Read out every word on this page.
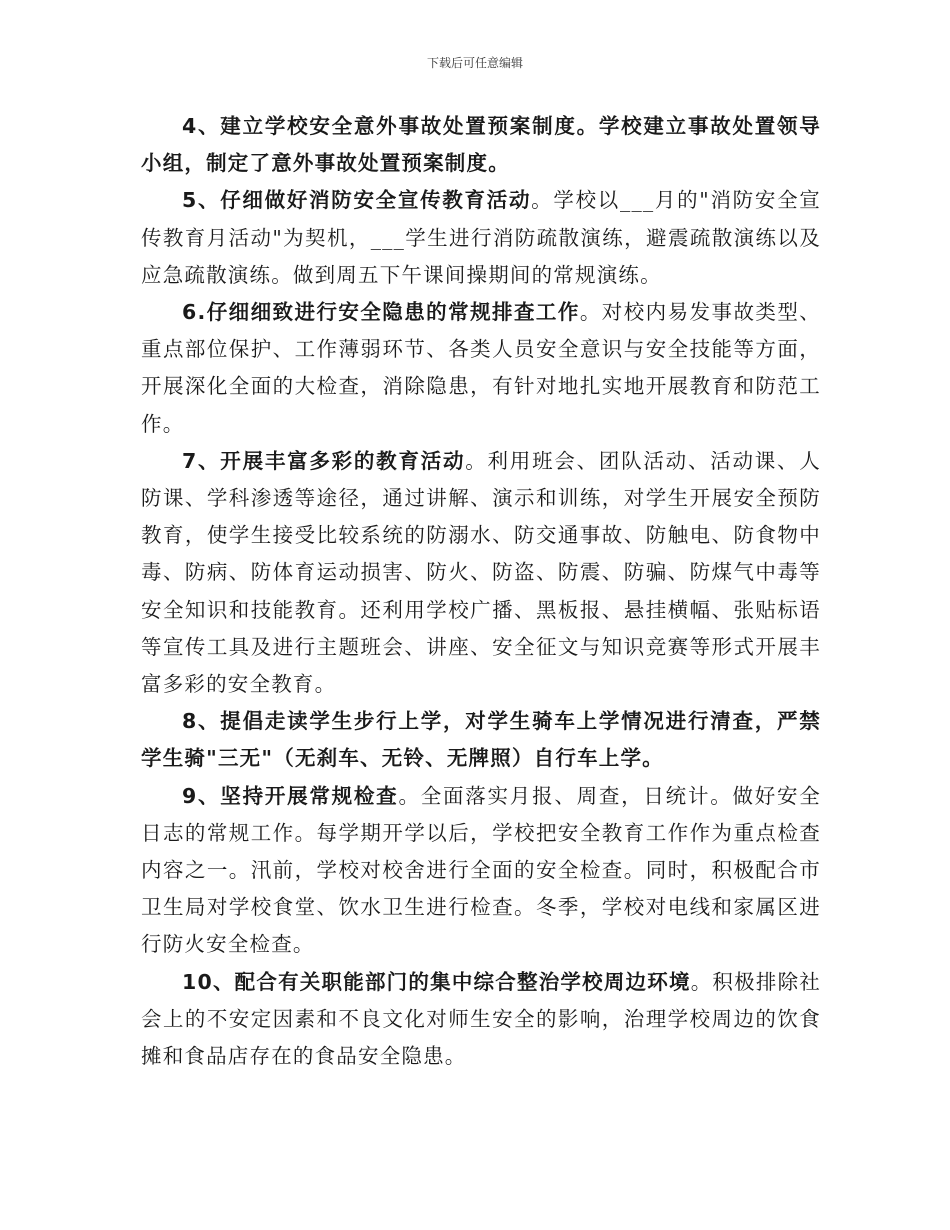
下载后可任意编辑

4、建立学校安全意外事故处置预案制度。学校建立事故处置领导小组，制定了意外事故处置预案制度。

5、仔细做好消防安全宣传教育活动。学校以___月的"消防安全宣传教育月活动"为契机，___学生进行消防疏散演练，避震疏散演练以及应急疏散演练。做到周五下午课间操期间的常规演练。

6.仔细细致进行安全隐患的常规排查工作。对校内易发事故类型、重点部位保护、工作薄弱环节、各类人员安全意识与安全技能等方面，开展深化全面的大检查，消除隐患，有针对地扎实地开展教育和防范工作。

7、开展丰富多彩的教育活动。利用班会、团队活动、活动课、人防课、学科渗透等途径，通过讲解、演示和训练，对学生开展安全预防教育，使学生接受比较系统的防溺水、防交通事故、防触电、防食物中毒、防病、防体育运动损害、防火、防盗、防震、防骗、防煤气中毒等安全知识和技能教育。还利用学校广播、黑板报、悬挂横幅、张贴标语等宣传工具及进行主题班会、讲座、安全征文与知识竞赛等形式开展丰富多彩的安全教育。

8、提倡走读学生步行上学，对学生骑车上学情况进行清查，严禁学生骑"三无"（无刹车、无铃、无牌照）自行车上学。

9、坚持开展常规检查。全面落实月报、周查，日统计。做好安全日志的常规工作。每学期开学以后，学校把安全教育工作作为重点检查内容之一。汛前，学校对校舍进行全面的安全检查。同时，积极配合市卫生局对学校食堂、饮水卫生进行检查。冬季，学校对电线和家属区进行防火安全检查。

10、配合有关职能部门的集中综合整治学校周边环境。积极排除社会上的不安定因素和不良文化对师生安全的影响，治理学校周边的饮食摊和食品店存在的食品安全隐患。
